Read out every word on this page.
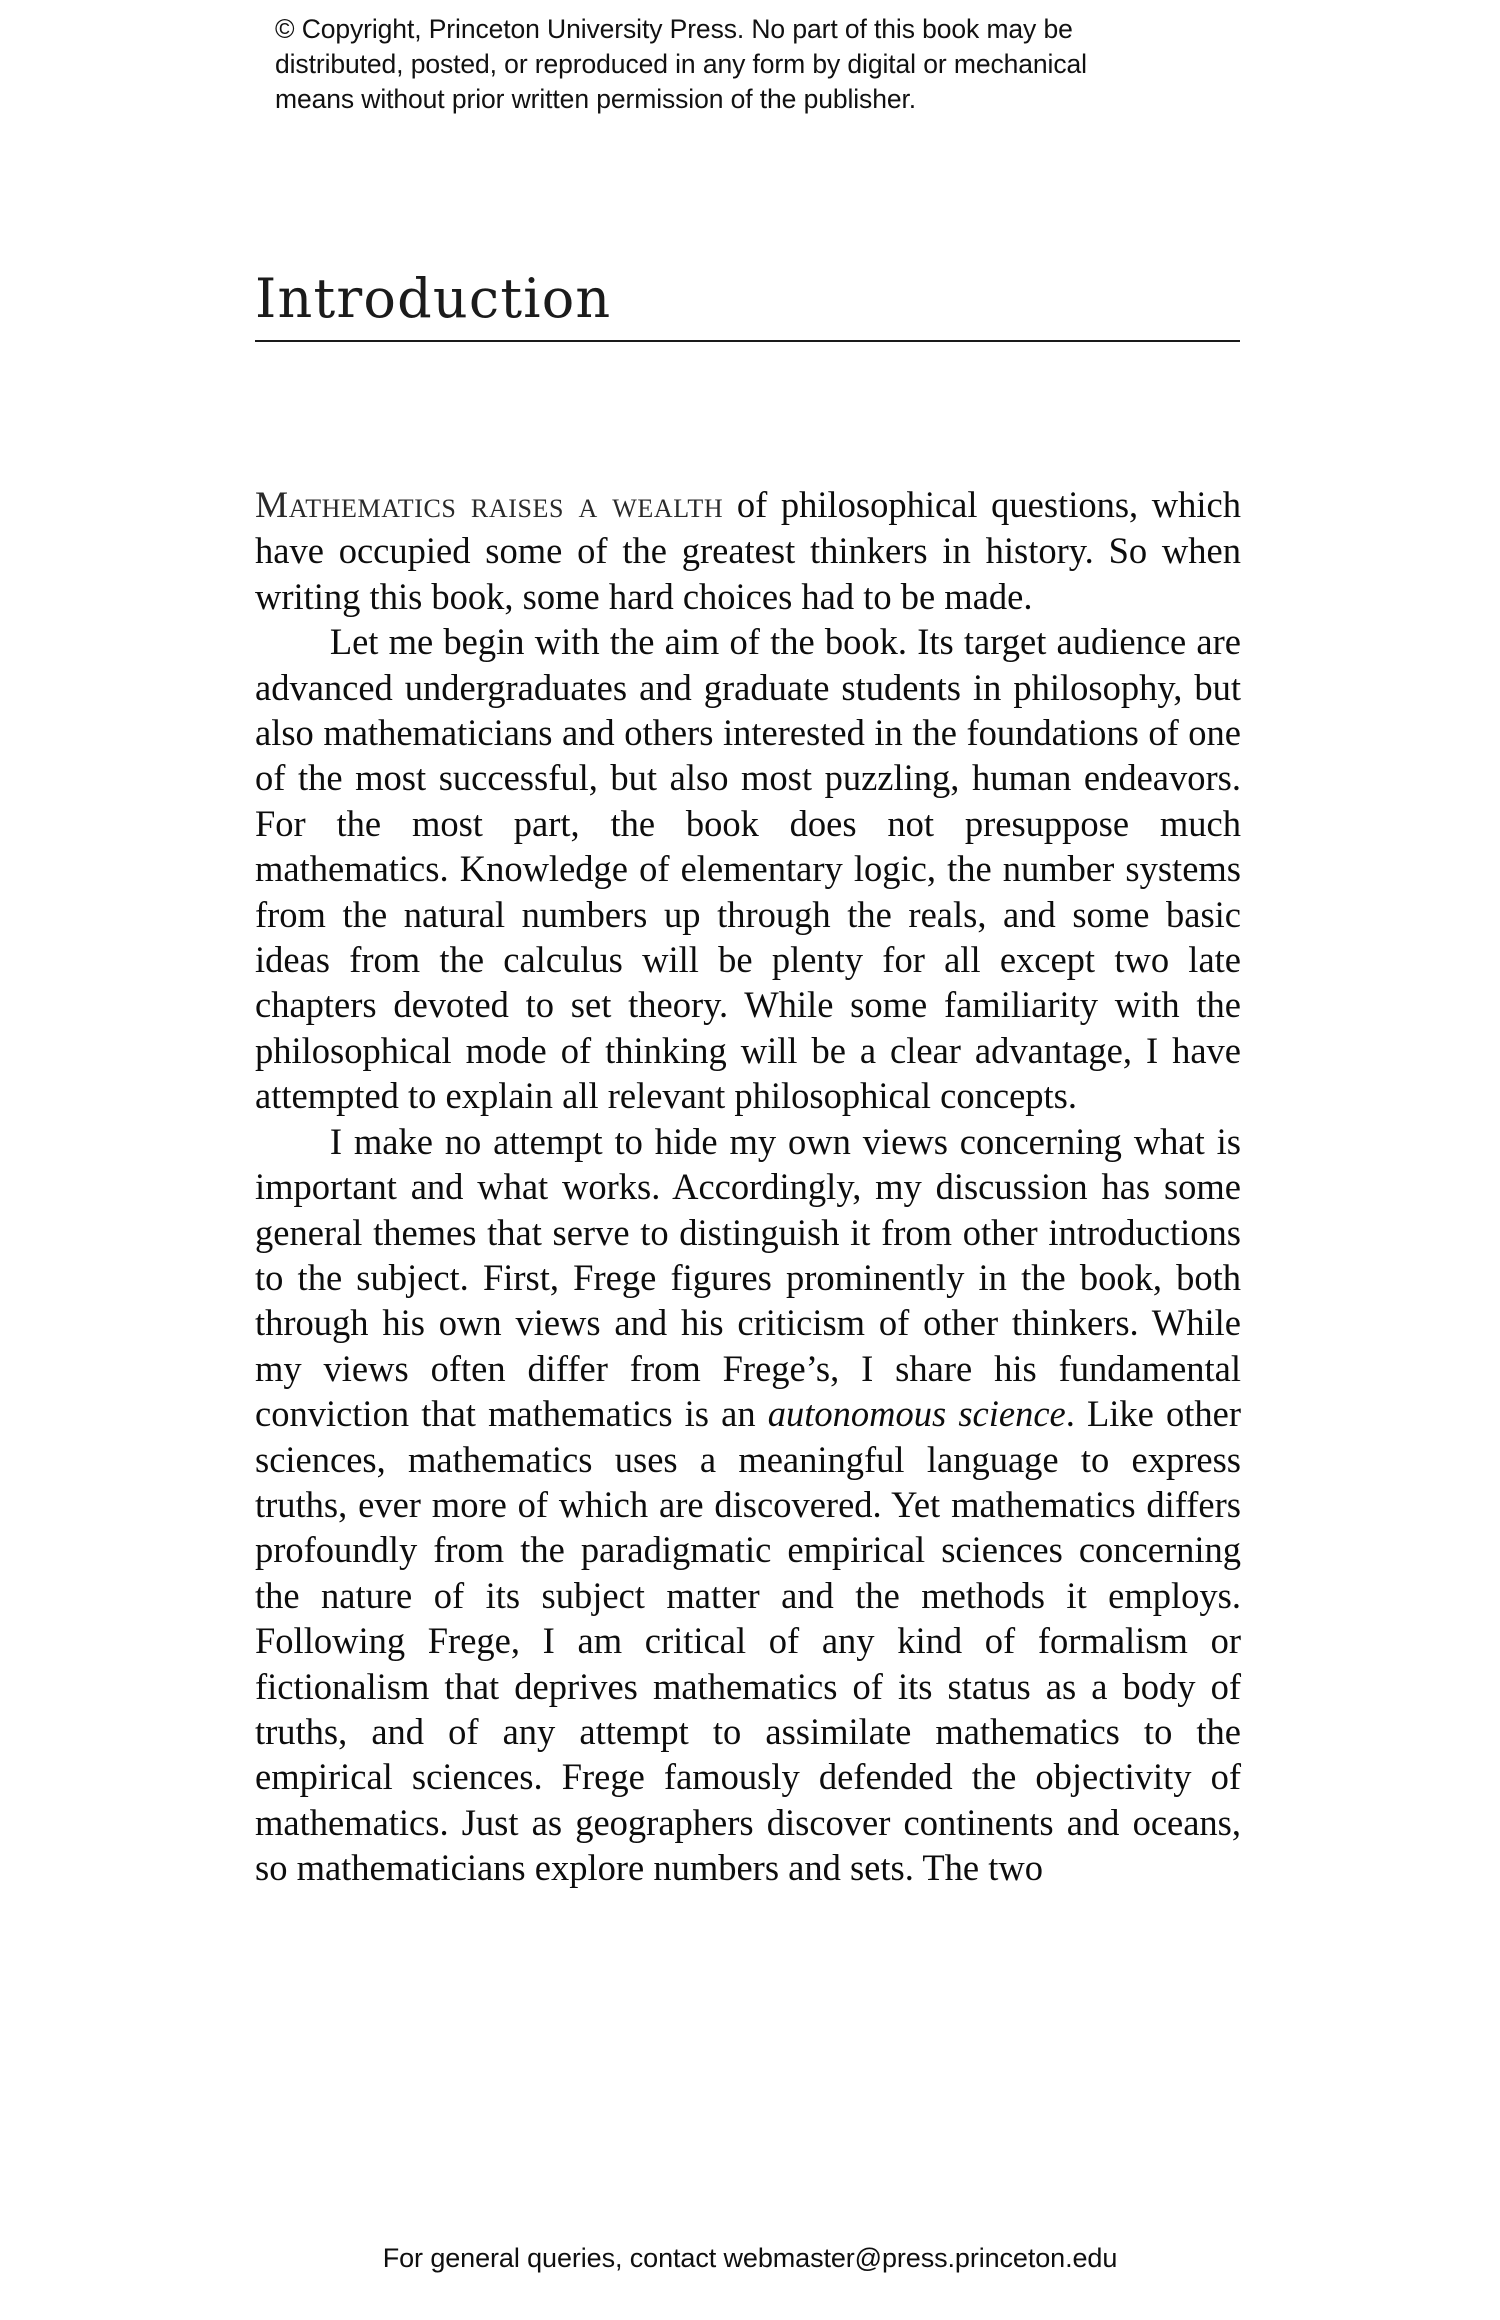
© Copyright, Princeton University Press. No part of this book may be
distributed, posted, or reproduced in any form by digital or mechanical
means without prior written permission of the publisher.
Introduction

Mathematics raises a wealth of philosophical questions, which have occupied some of the greatest thinkers in history. So when writing this book, some hard choices had to be made.

Let me begin with the aim of the book. Its target audience are advanced undergraduates and graduate students in philosophy, but also mathematicians and others interested in the foundations of one of the most successful, but also most puzzling, human endeavors. For the most part, the book does not presuppose much mathematics. Knowledge of elementary logic, the number systems from the natural numbers up through the reals, and some basic ideas from the calculus will be plenty for all except two late chapters devoted to set theory. While some familiarity with the philosophical mode of thinking will be a clear advantage, I have attempted to explain all relevant philosophical concepts.

I make no attempt to hide my own views concerning what is important and what works. Accordingly, my discussion has some general themes that serve to distinguish it from other introductions to the subject. First, Frege figures prominently in the book, both through his own views and his criticism of other thinkers. While my views often differ from Frege’s, I share his fundamental conviction that mathematics is an autonomous science. Like other sciences, mathematics uses a meaningful language to express truths, ever more of which are discovered. Yet mathematics differs profoundly from the paradigmatic empirical sciences concerning the nature of its subject matter and the methods it employs. Following Frege, I am critical of any kind of formalism or fictionalism that deprives mathematics of its status as a body of truths, and of any attempt to assimilate mathematics to the empirical sciences. Frege famously defended the objectivity of mathematics. Just as geographers discover continents and oceans, so mathematicians explore numbers and sets. The two

For general queries, contact webmaster@press.princeton.edu
